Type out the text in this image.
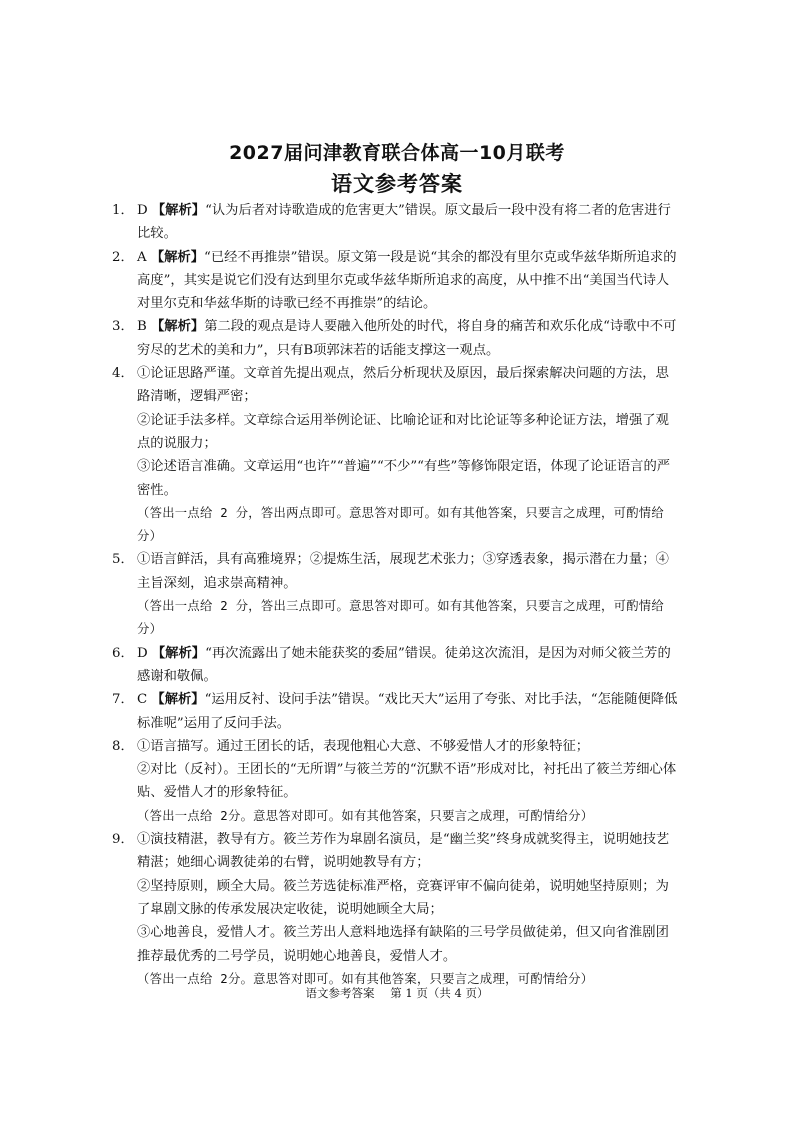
2027届问津教育联合体高一10月联考
语文参考答案
1． D 【解析】“认为后者对诗歌造成的危害更大”错误。原文最后一段中没有将二者的危害进行比较。
2． A 【解析】“已经不再推崇”错误。原文第一段是说“其余的都没有里尔克或华兹华斯所追求的高度”，其实是说它们没有达到里尔克或华兹华斯所追求的高度，从中推不出“美国当代诗人对里尔克和华兹华斯的诗歌已经不再推崇”的结论。
3． B 【解析】第二段的观点是诗人要融入他所处的时代，将自身的痛苦和欢乐化成“诗歌中不可穷尽的艺术的美和力”，只有B项郭沫若的话能支撑这一观点。
4． ①论证思路严谨。文章首先提出观点，然后分析现状及原因，最后探索解决问题的方法，思路清晰，逻辑严密；
②论证手法多样。文章综合运用举例论证、比喻论证和对比论证等多种论证方法，增强了观点的说服力；
③论述语言准确。文章运用“也许”“普遍”“不少”“有些”等修饰限定语，体现了论证语言的严密性。
（答出一点给 2 分，答出两点即可。意思答对即可。如有其他答案，只要言之成理，可酌情给分）
5． ①语言鲜活，具有高雅境界；②提炼生活，展现艺术张力；③穿透表象，揭示潜在力量；④主旨深刻，追求崇高精神。
（答出一点给 2 分，答出三点即可。意思答对即可。如有其他答案，只要言之成理，可酌情给分）
6． D 【解析】“再次流露出了她未能获奖的委屈”错误。徒弟这次流泪，是因为对师父筱兰芳的感谢和敬佩。
7． C 【解析】“运用反衬、设问手法”错误。“戏比天大”运用了夸张、对比手法，“怎能随便降低标准呢”运用了反问手法。
8． ①语言描写。通过王团长的话，表现他粗心大意、不够爱惜人才的形象特征；
②对比（反衬）。王团长的“无所谓”与筱兰芳的“沉默不语”形成对比，衬托出了筱兰芳细心体贴、爱惜人才的形象特征。
（答出一点给 2分。意思答对即可。如有其他答案，只要言之成理，可酌情给分）
9． ①演技精湛，教导有方。筱兰芳作为皐剧名演员，是“幽兰奖”终身成就奖得主，说明她技艺精湛；她细心调教徒弟的右臂，说明她教导有方；
②坚持原则，顾全大局。筱兰芳选徒标准严格，竞赛评审不偏向徒弟，说明她坚持原则；为了皐剧文脉的传承发展决定收徒，说明她顾全大局；
③心地善良，爱惜人才。筱兰芳出人意料地选择有缺陷的三号学员做徒弟，但又向省淮剧团推荐最优秀的二号学员，说明她心地善良，爱惜人才。
（答出一点给 2分。意思答对即可。如有其他答案，只要言之成理，可酌情给分）
语文参考答案 第 1 页（共 4 页）
